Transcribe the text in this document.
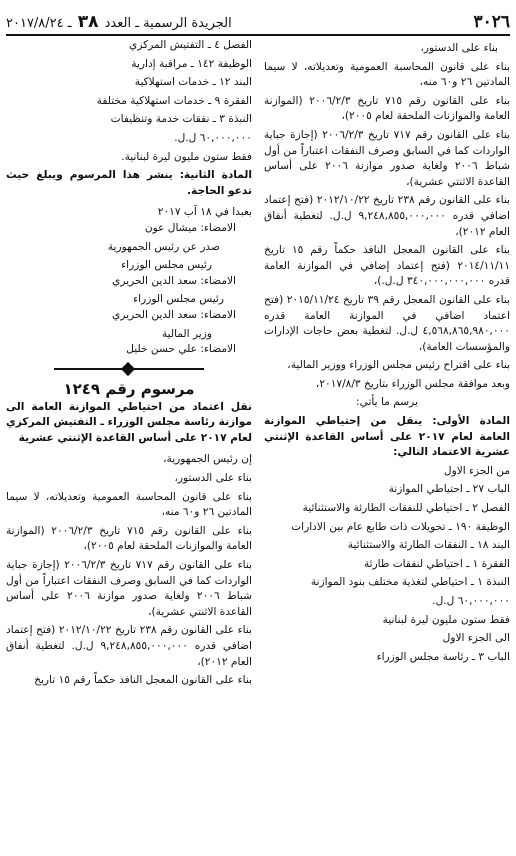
٣٠٢٦
الجريدة الرسمية ـ العدد ٣٨ ـ ٢٠١٧/٨/٢٤

بناء على الدستور،

بناء على قانون المحاسبة العمومية وتعديلاته، لا سيما المادتين ٢٦ و٦٠ منه،

بناء على القانون رقم ٧١٥ تاريخ ٢٠٠٦/٢/٣ (الموازنة العامة والموازنات الملحقة لعام ٢٠٠٥)،

بناء على القانون رقم ٧١٧ تاريخ ٢٠٠٦/٢/٣ (إجازة جباية الواردات كما في السابق وصرف النفقات اعتباراً من أول شباط ٢٠٠٦ ولغاية صدور موازنة ٢٠٠٦ على أساس القاعدة الاثنتي عشرية)،

بناء على القانون رقم ٢٣٨ تاريخ ٢٠١٢/١٠/٢٢ (فتح إعتماد اضافي قدره ٩,٢٤٨,٨٥٥,٠٠٠,٠٠٠ ل.ل. لتغطية أنفاق العام ٢٠١٢)،

بناء على القانون المعجل النافذ حكماً رقم ١٥ تاريخ ٢٠١٤/١١/١١ (فتح إعتماد إضافي في الموازنة العامة قدره ٣٤٠,٠٠٠,٠٠٠,٠٠٠ ل.ل.)،

بناء على القانون المعجل رقم ٣٩ تاريخ ٢٠١٥/١١/٢٤ (فتح اعتماد اضافي في الموازنة العامة قدره ٤,٥٦٨,٨٦٥,٩٨٠,٠٠٠ ل.ل. لتغطية بعض حاجات الإدارات والمؤسسات العامة)،

بناء على اقتراح رئيس مجلس الوزراء ووزير المالية،

وبعد موافقة مجلس الوزراء بتاريخ ٢٠١٧/٨/٣،

يرسم ما يأتي:

المادة الأولى: ينقل من إحتياطي الموازنة العامة لعام ٢٠١٧ على أساس القاعدة الإثنتي عشرية الاعتماد التالي:

من الجزء الاول

الباب ٢٧ ـ احتياطي الموازنة

الفصل ٢ ـ احتياطي للنفقات الطارئة والاستثنائية

الوظيفة ١٩٠ ـ تحويلات ذات طابع عام بين الادارات

البند ١٨ ـ النفقات الطارئة والاستثنائية

الفقرة ١ ـ احتياطي لنفقات طارئة

النبذة ١ ـ احتياطي لتغذية مختلف بنود الموازنة

٦٠,٠٠٠,٠٠٠ ل.ل.

فقط ستون مليون ليرة لبنانية

الى الجزء الاول

الباب ٣ ـ رئاسة مجلس الوزراء

الفصل ٤ ـ التفتيش المركزي

الوظيفة ١٤٢ ـ مراقبة إدارية

البند ١٢ ـ خدمات استهلاكية

الفقرة ٩ ـ خدمات استهلاكية مختلفة

النبذة ٣ ـ نفقات خدمة وتنظيفات

٦٠,٠٠٠,٠٠٠ ل.ل.

فقط ستون مليون ليرة لبنانية.

المادة الثانية: ينشر هذا المرسوم ويبلغ حيث تدعو الحاجة.

بعبدا في ١٨ آب ٢٠١٧

الامضاء: ميشال عون

صدر عن رئيس الجمهورية

رئيس مجلس الوزراء

الامضاء: سعد الدين الحريري

رئيس مجلس الوزراء

الامضاء: سعد الدين الحريري

وزير المالية

الامضاء: علي حسن خليل

مرسوم رقم ١٢٤٩

نقل اعتماد من احتياطي الموازنة العامة الى موازنة رئاسة مجلس الوزراء ـ التفتيش المركزي لعام ٢٠١٧ على أساس القاعدة الإثنتي عشرية

إن رئيس الجمهورية،

بناء على الدستور،

بناء على قانون المحاسبة العمومية وتعديلاته، لا سيما المادتين ٢٦ و٦٠ منه،

بناء على القانون رقم ٧١٥ تاريخ ٢٠٠٦/٢/٣ (الموازنة العامة والموازنات الملحقة لعام ٢٠٠٥)،

بناء على القانون رقم ٧١٧ تاريخ ٢٠٠٦/٢/٣ (إجازة جباية الواردات كما في السابق وصرف النفقات اعتباراً من أول شباط ٢٠٠٦ ولغاية صدور موازنة ٢٠٠٦ على أساس القاعدة الاثنتي عشرية)،

بناء على القانون رقم ٢٣٨ تاريخ ٢٠١٢/١٠/٢٢ (فتح إعتماد اضافي قدره ٩,٢٤٨,٨٥٥,٠٠٠,٠٠٠ ل.ل. لتغطية أنفاق العام ٢٠١٢)،

بناء على القانون المعجل النافذ حكماً رقم ١٥ تاريخ
